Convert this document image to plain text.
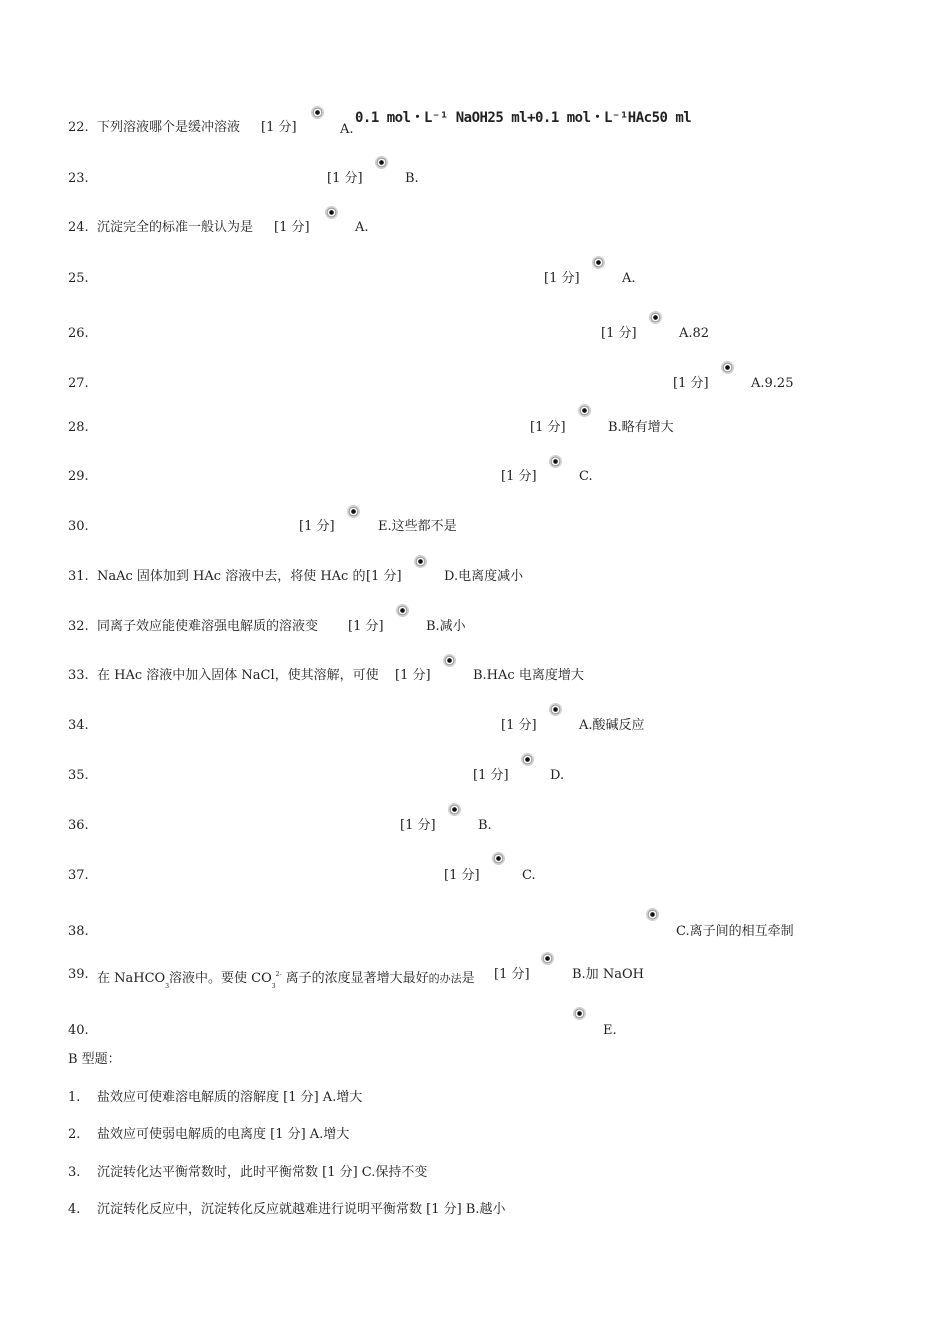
22. 下列溶液哪个是缓冲溶液 [1 分]	A.
0.1 mol・L⁻¹ NaOH25 ml+0.1 mol・L⁻¹HAc50 ml
23.	[1 分]	B.
24. 沉淀完全的标准一般认为是 [1 分]	A.
25.	[1 分]	A.
26.	[1 分]	A.82
27.	[1 分]	A.9.25
28.	[1 分]	B.略有增大
29.	[1 分]	C.
30.	[1 分]	E.这些都不是
31. NaAc 固体加到 HAc 溶液中去，将使 HAc 的 [1 分]	D.电离度减小
32. 同离子效应能使难溶强电解质的溶液变 [1 分]	B.减小
33. 在 HAc 溶液中加入固体 NaCl，使其溶解，可使 [1 分]	B.HAc 电离度增大
34.	[1 分]	A.酸碱反应
35.	[1 分]	D.
36.	[1 分]	B.
37.	[1 分]	C.
38.	C.离子间的相互牵制
39. 在 NaHCO$_3$溶液中。要使 $CO_3^{2-}$ 离子的浓度显著增大最好的办法是 [1 分]	B.加 NaOH
40.	E.
B 型题：
1. 盐效应可使难溶电解质的溶解度 [1 分] A.增大
2. 盐效应可使弱电解质的电离度 [1 分] A.增大
3. 沉淀转化达平衡常数时，此时平衡常数 [1 分] C.保持不变
4. 沉淀转化反应中，沉淀转化反应就越难进行说明平衡常数 [1 分] B.越小
